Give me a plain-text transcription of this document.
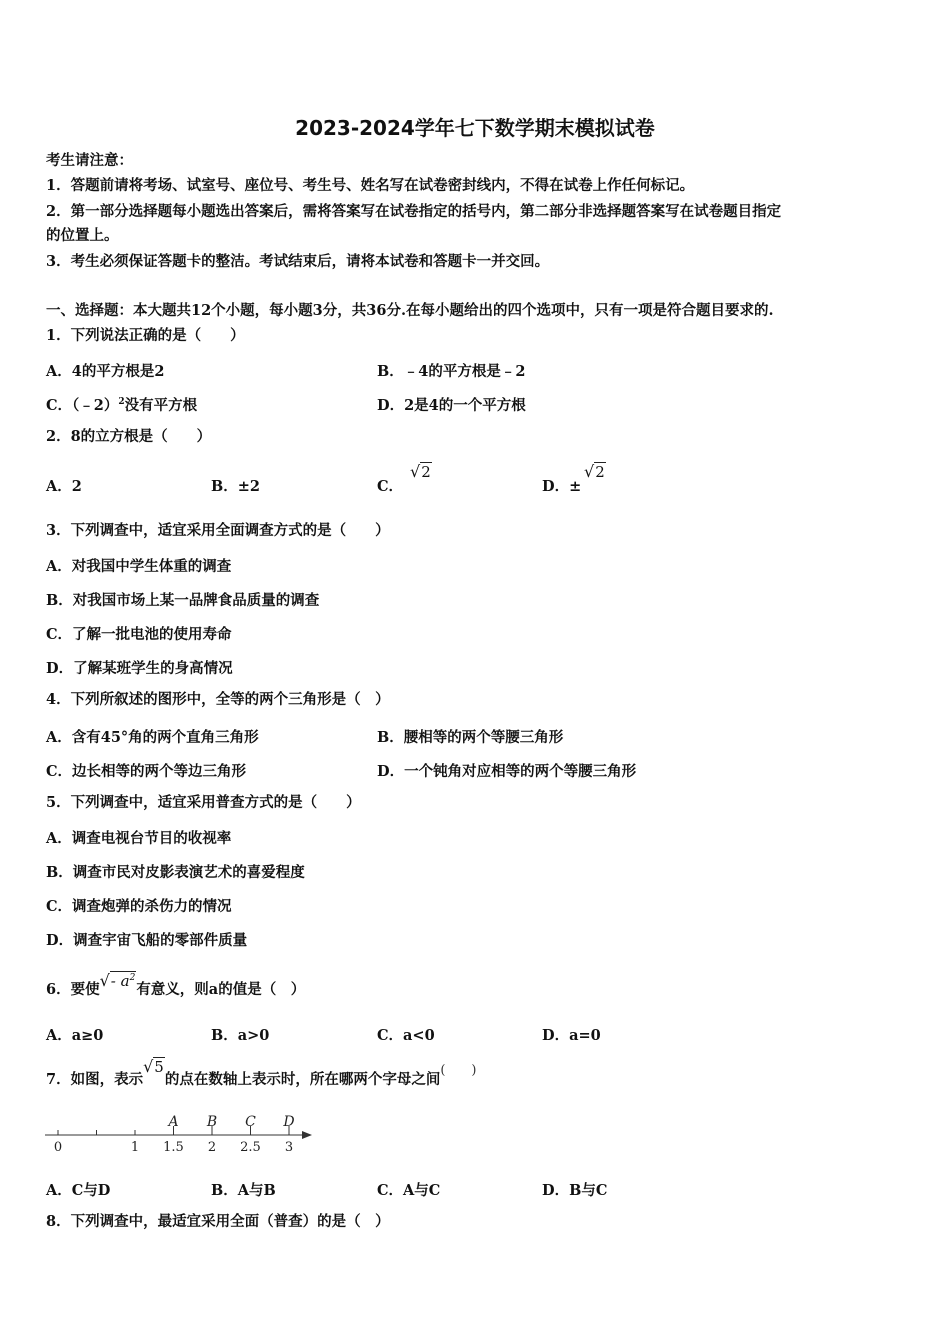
2023-2024学年七下数学期末模拟试卷
考生请注意：
1．答题前请将考场、试室号、座位号、考生号、姓名写在试卷密封线内，不得在试卷上作任何标记。
2．第一部分选择题每小题选出答案后，需将答案写在试卷指定的括号内，第二部分非选择题答案写在试卷题目指定
的位置上。
3．考生必须保证答题卡的整洁。考试结束后，请将本试卷和答题卡一并交回。
一、选择题：本大题共12个小题，每小题3分，共36分.在每小题给出的四个选项中，只有一项是符合题目要求的.
1．下列说法正确的是（　　）
A．4的平方根是2	B．﹣4的平方根是﹣2
C．（﹣2）$^2$没有平方根	D．2是4的一个平方根
2．8的立方根是（　　）
A．2	B．±2	C．
√2
D．±
√2
3．下列调查中，适宜采用全面调查方式的是（　　）
A．对我国中学生体重的调查
B．对我国市场上某一品牌食品质量的调查
C．了解一批电池的使用寿命
D．了解某班学生的身高情况
4．下列所叙述的图形中，全等的两个三角形是（　）
A．含有45°角的两个直角三角形	B．腰相等的两个等腰三角形
C．边长相等的两个等边三角形	D．一个钝角对应相等的两个等腰三角形
5．下列调查中，适宜采用普查方式的是（　　）
A．调查电视台节目的收视率
B．调查市民对皮影表演艺术的喜爱程度
C．调查炮弹的杀伤力的情况
D．调查宇宙飞船的零部件质量
6．要使√- $a^2$有意义，则a的值是（　）
A．a≥0	B．a>0	C．a<0	D．a=0
7．如图，表示√5的点在数轴上表示时，所在哪两个字母之间(　　)
0	1 1.5 2 2.5 3
A B C D
A．C与D	B．A与B	C．A与C	D．B与C
8．下列调查中，最适宜采用全面（普查）的是（　）
